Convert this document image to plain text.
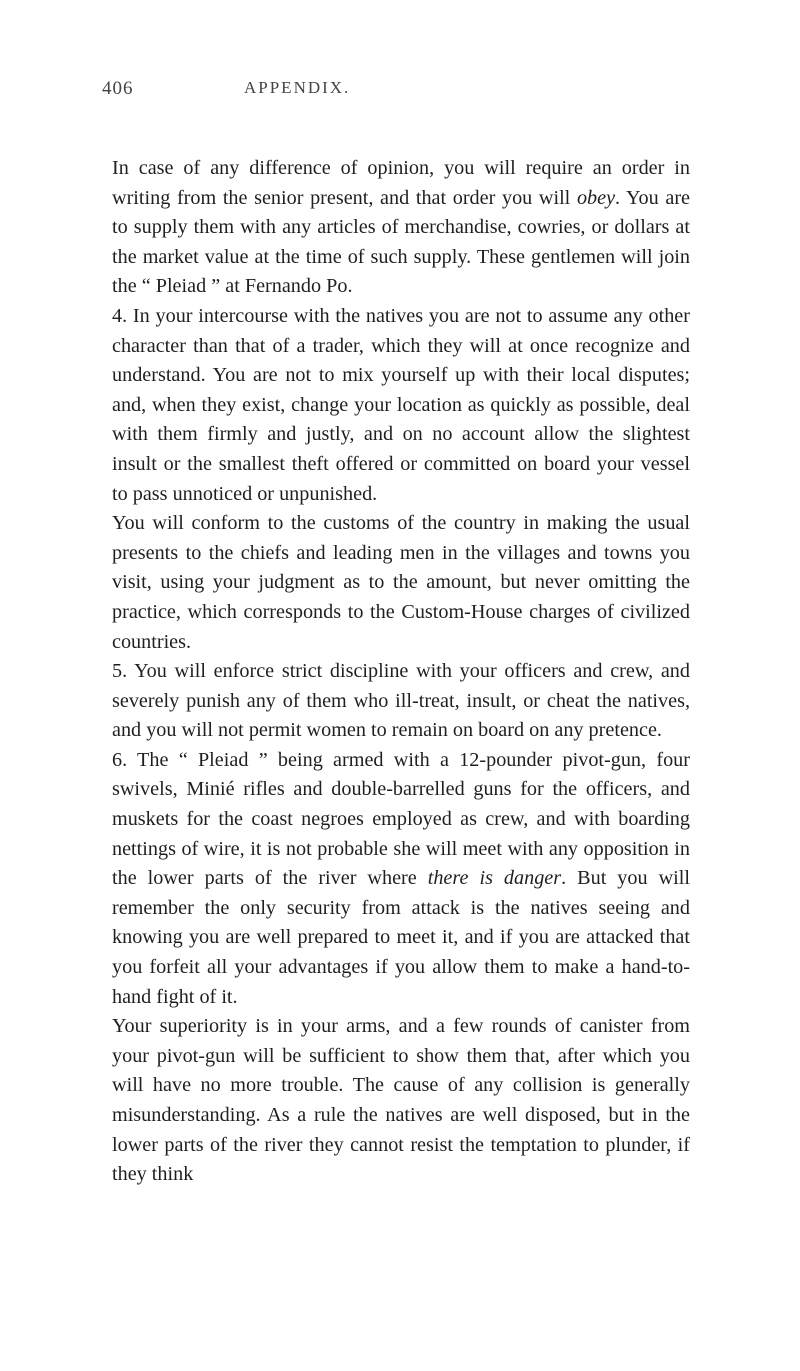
406	APPENDIX.

In case of any difference of opinion, you will require an order in writing from the senior present, and that order you will obey. You are to supply them with any articles of merchandise, cowries, or dollars at the market value at the time of such supply. These gentlemen will join the “ Pleiad ” at Fernando Po.

4. In your intercourse with the natives you are not to assume any other character than that of a trader, which they will at once recognize and understand. You are not to mix yourself up with their local disputes; and, when they exist, change your location as quickly as possible, deal with them firmly and justly, and on no account allow the slightest insult or the smallest theft offered or committed on board your vessel to pass unnoticed or unpunished.

You will conform to the customs of the country in making the usual presents to the chiefs and leading men in the villages and towns you visit, using your judgment as to the amount, but never omitting the practice, which corresponds to the Custom-House charges of civilized countries.

5. You will enforce strict discipline with your officers and crew, and severely punish any of them who ill-treat, insult, or cheat the natives, and you will not permit women to remain on board on any pretence.

6. The “ Pleiad ” being armed with a 12-pounder pivot-gun, four swivels, Minié rifles and double-barrelled guns for the officers, and muskets for the coast negroes employed as crew, and with boarding nettings of wire, it is not probable she will meet with any opposition in the lower parts of the river where there is danger. But you will remember the only security from attack is the natives seeing and knowing you are well prepared to meet it, and if you are attacked that you forfeit all your advantages if you allow them to make a hand-to-hand fight of it.

Your superiority is in your arms, and a few rounds of canister from your pivot-gun will be sufficient to show them that, after which you will have no more trouble. The cause of any collision is generally misunderstanding. As a rule the natives are well disposed, but in the lower parts of the river they cannot resist the temptation to plunder, if they think
